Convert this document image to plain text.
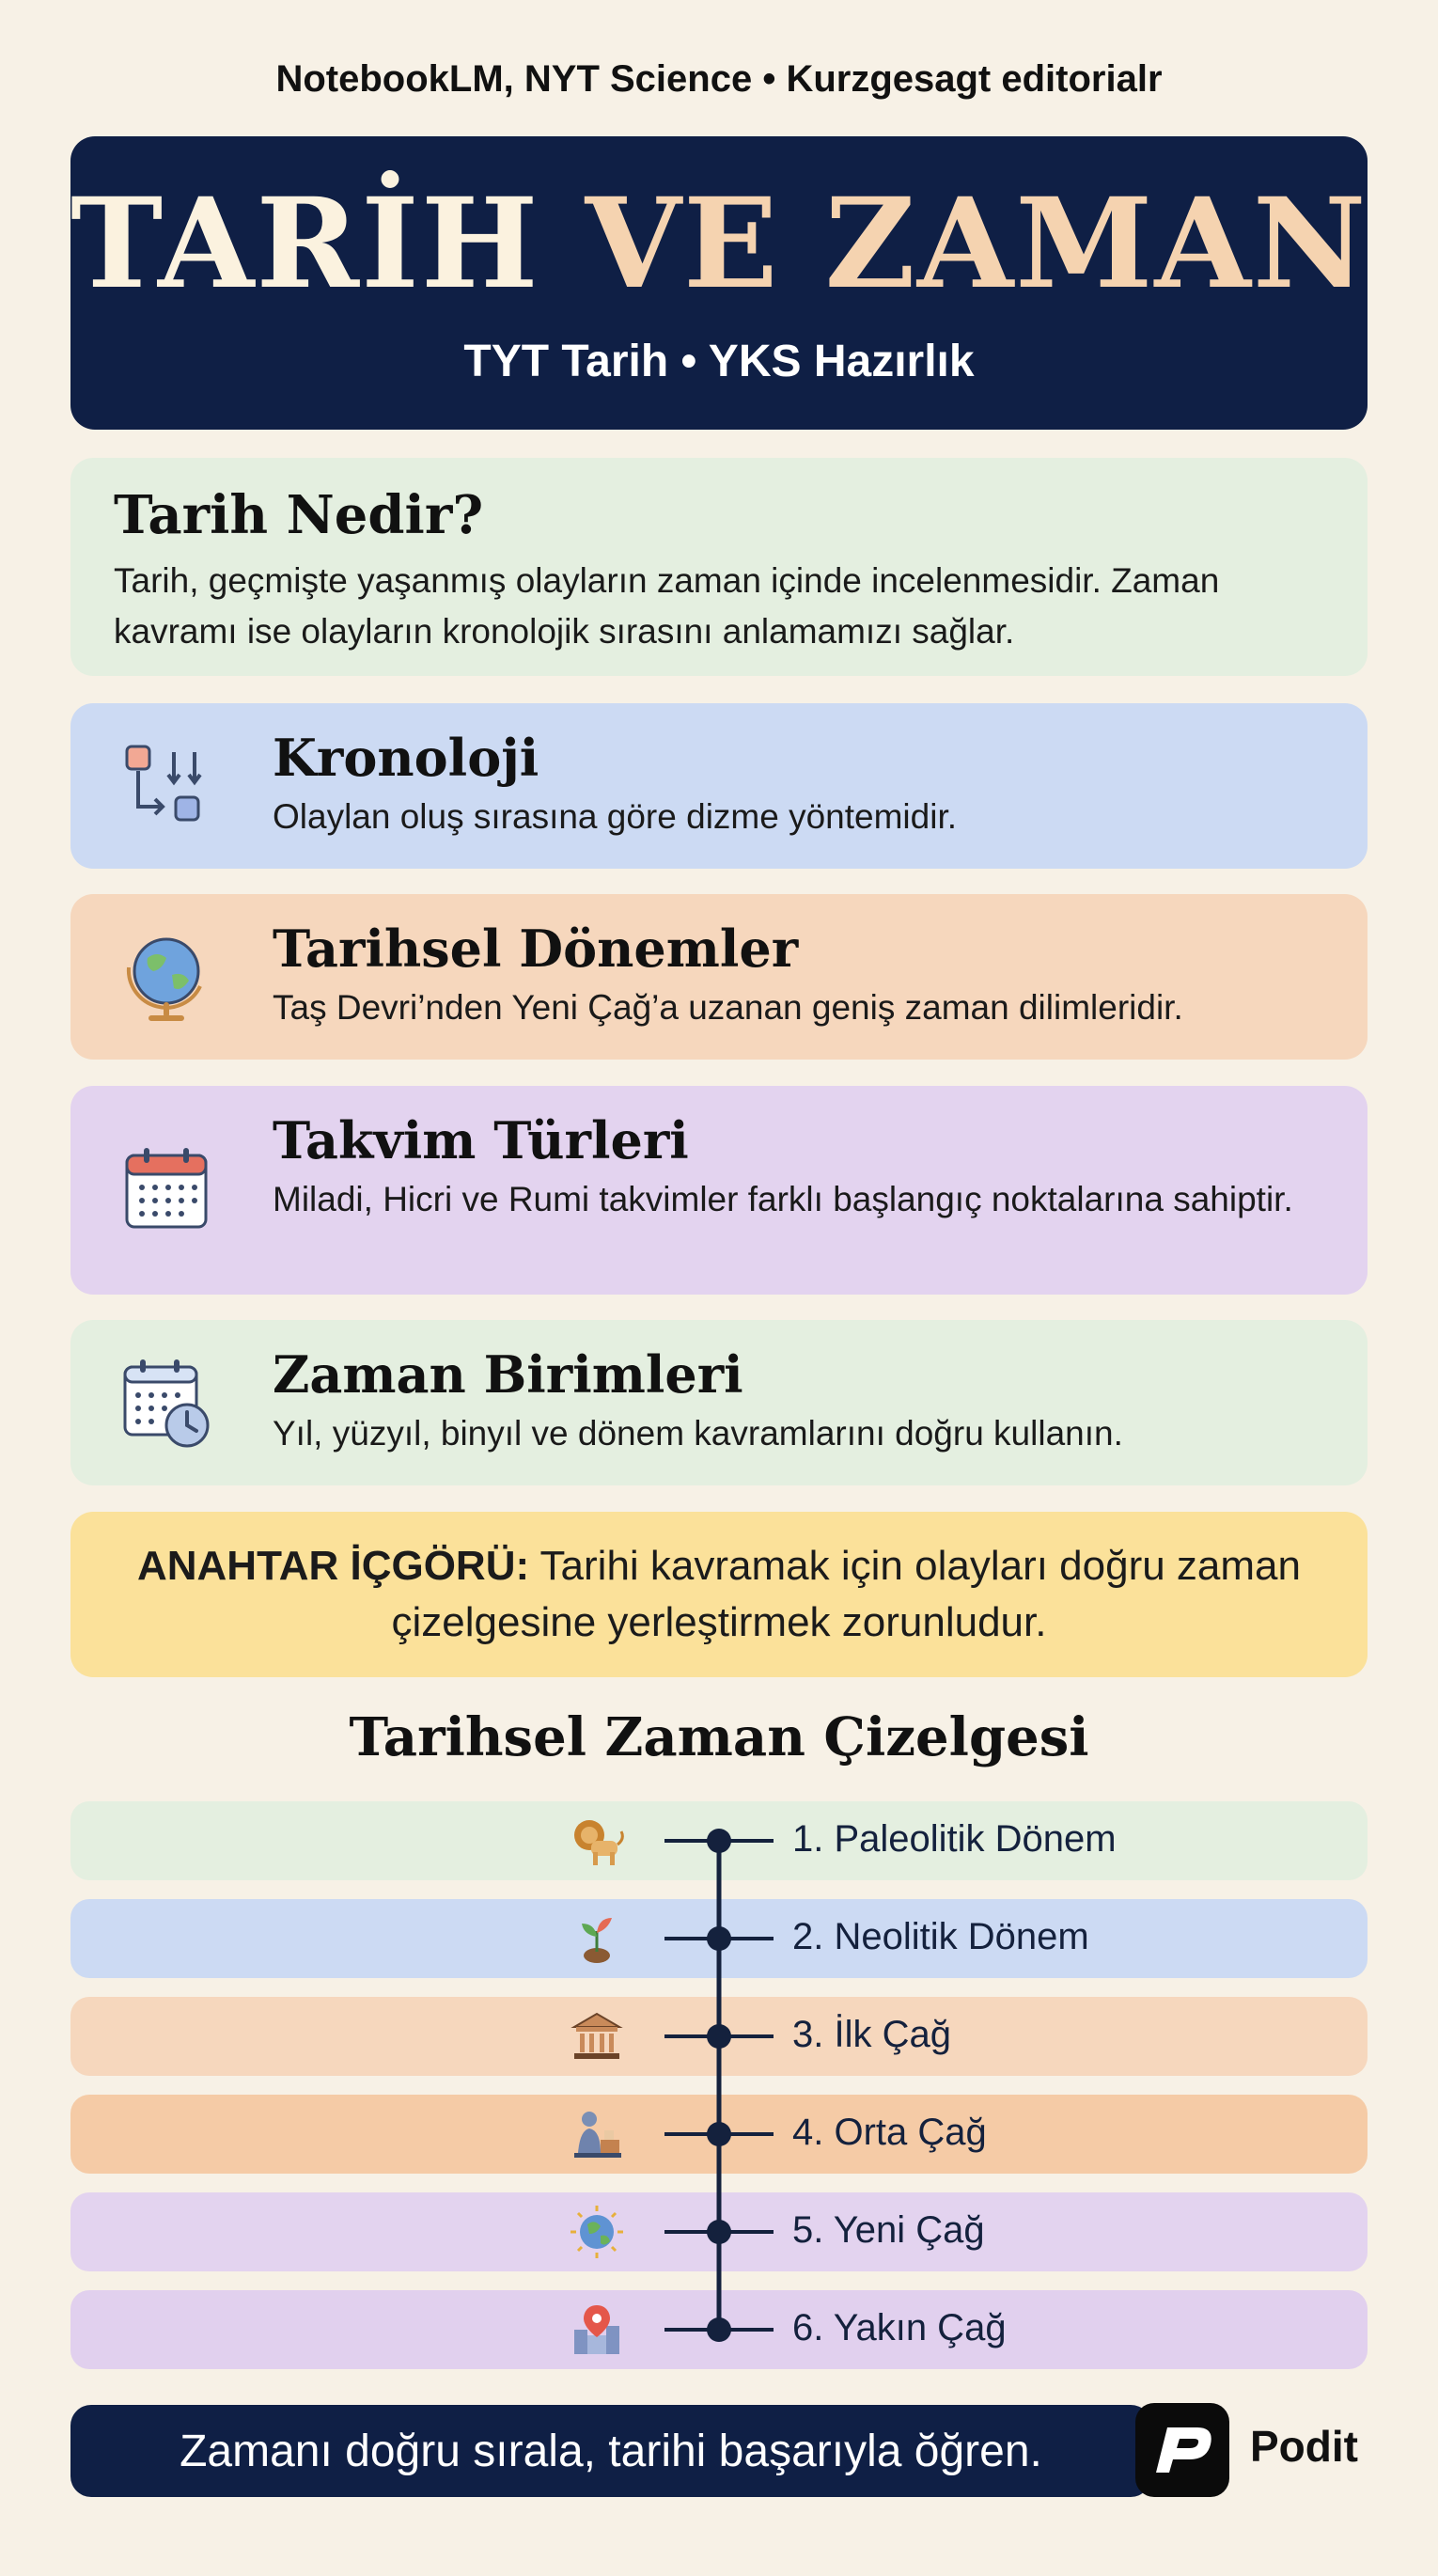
NotebookLM, NYT Science • Kurzgesagt editorialr
TARİH VE ZAMAN
TYT Tarih • YKS Hazırlık
Tarih Nedir?
Tarih, geçmişte yaşanmış olayların zaman içinde incelenmesidir. Zaman kavramı ise olayların kronolojik sırasını anlamamızı sağlar.
Kronoloji
Olaylan oluş sırasına göre dizme yöntemidir.
Tarihsel Dönemler
Taş Devri’nden Yeni Çağ’a uzanan geniş zaman dilimleridir.
Takvim Türleri
Miladi, Hicri ve Rumi takvimler farklı başlangıç noktalarına sahiptir.
Zaman Birimleri
Yıl, yüzyıl, binyıl ve dönem kavramlarını doğru kullanın.
ANAHTAR İÇGÖRÜ: Tarihi kavramak için olayları doğru zaman çizelgesine yerleştirmek zorunludur.
Tarihsel Zaman Çizelgesi
1. Paleolitik Dönem
2. Neolitik Dönem
3. İlk Çağ
4. Orta Çağ
5. Yeni Çağ
6. Yakın Çağ
Zamanı doğru sırala, tarihi başarıyla ŏğren.	Podit
